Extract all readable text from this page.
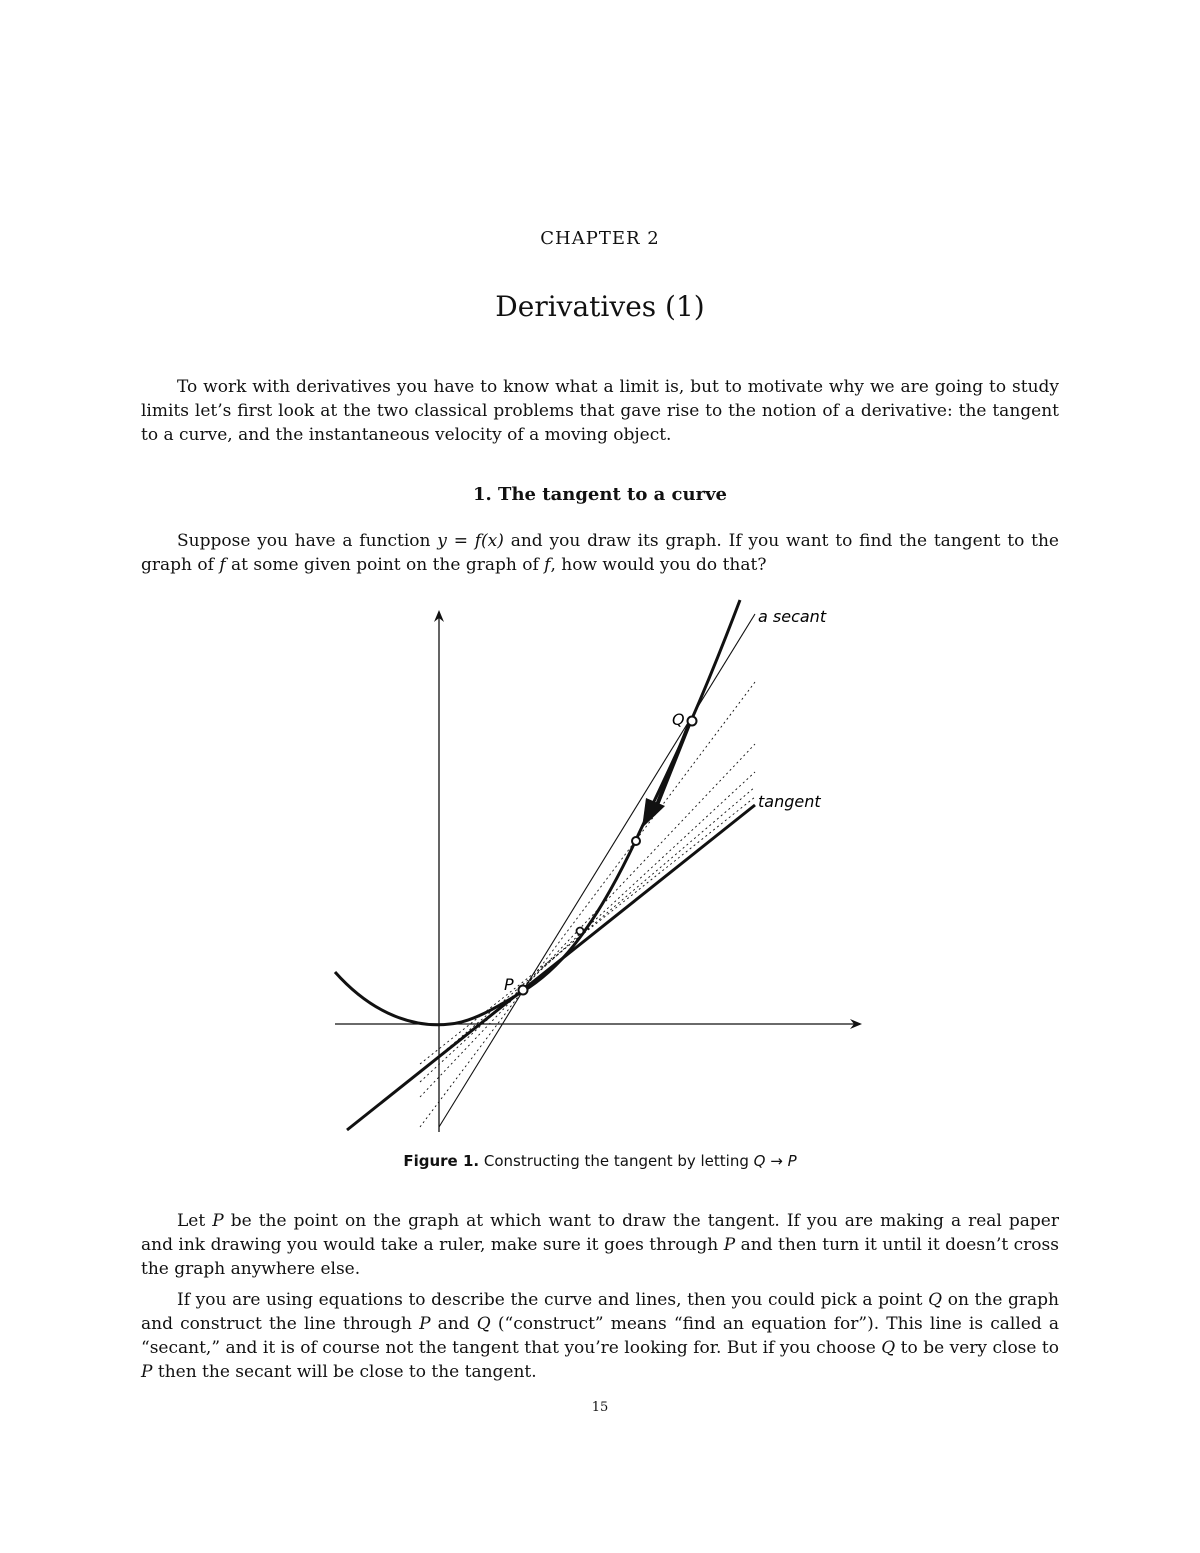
CHAPTER 2
Derivatives (1)

To work with derivatives you have to know what a limit is, but to motivate why we are going to study limits let’s first look at the two classical problems that gave rise to the notion of a derivative: the tangent to a curve, and the instantaneous velocity of a moving object.

1. The tangent to a curve

Suppose you have a function y = f(x) and you draw its graph. If you want to find the tangent to the graph of f at some given point on the graph of f, how would you do that?

a secant
tangent
Q
P
Figure 1. Constructing the tangent by letting Q → P

Let P be the point on the graph at which want to draw the tangent. If you are making a real paper and ink drawing you would take a ruler, make sure it goes through P and then turn it until it doesn’t cross the graph anywhere else.

If you are using equations to describe the curve and lines, then you could pick a point Q on the graph and construct the line through P and Q (“construct” means “find an equation for”). This line is called a “secant,” and it is of course not the tangent that you’re looking for. But if you choose Q to be very close to P then the secant will be close to the tangent.

15
